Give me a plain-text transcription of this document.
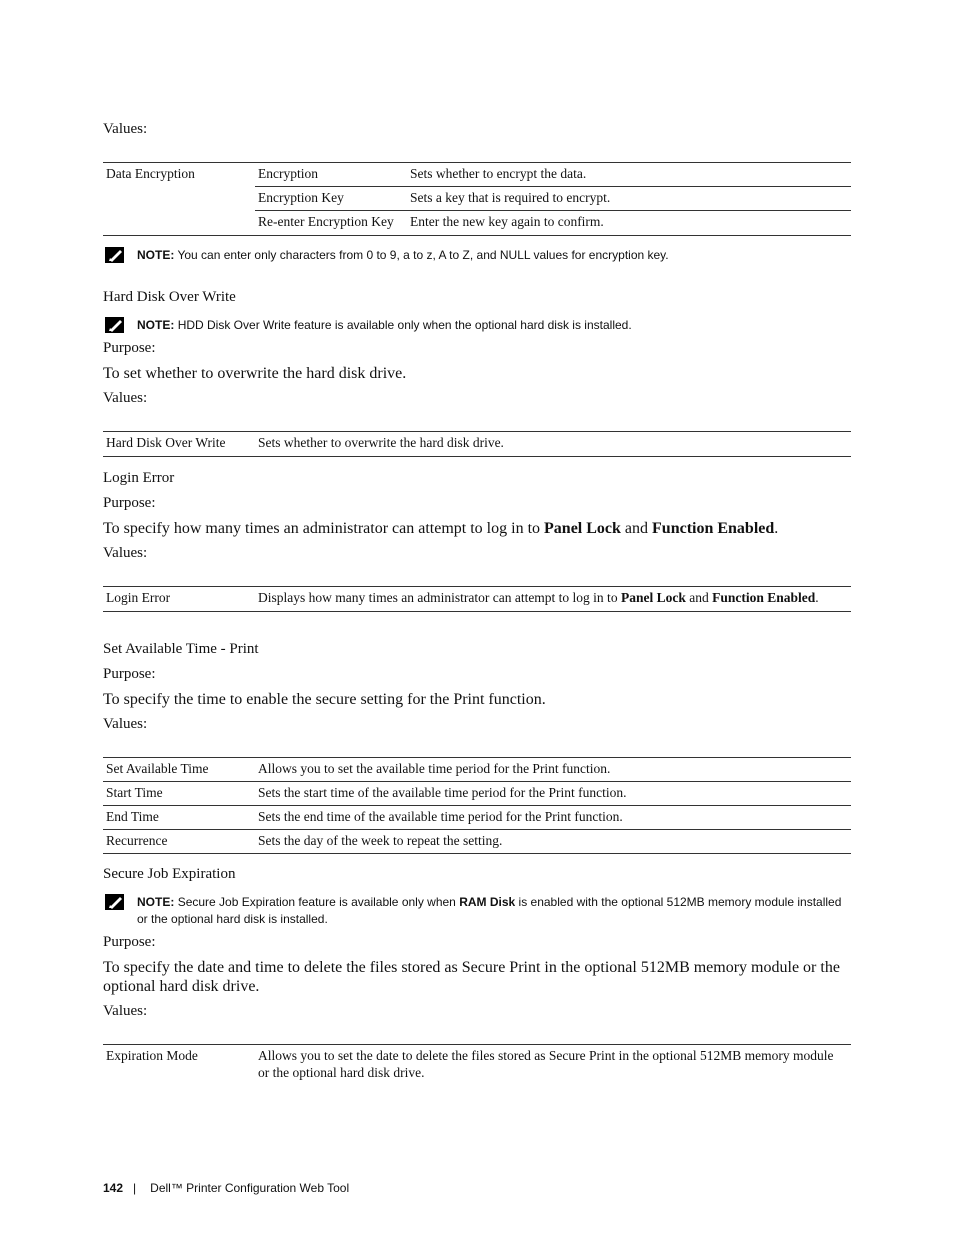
Values:
Data Encryption	Encryption	Sets whether to encrypt the data.
	Encryption Key	Sets a key that is required to encrypt.
	Re-enter Encryption Key	Enter the new key again to confirm.
NOTE: You can enter only characters from 0 to 9, a to z, A to Z, and NULL values for encryption key.
Hard Disk Over Write
NOTE: HDD Disk Over Write feature is available only when the optional hard disk is installed.
Purpose:
To set whether to overwrite the hard disk drive.
Values:
Hard Disk Over Write	Sets whether to overwrite the hard disk drive.
Login Error
Purpose:
To specify how many times an administrator can attempt to log in to Panel Lock and Function Enabled.
Values:
Login Error	Displays how many times an administrator can attempt to log in to Panel Lock and Function Enabled.
Set Available Time - Print
Purpose:
To specify the time to enable the secure setting for the Print function.
Values:
Set Available Time	Allows you to set the available time period for the Print function.
Start Time	Sets the start time of the available time period for the Print function.
End Time	Sets the end time of the available time period for the Print function.
Recurrence	Sets the day of the week to repeat the setting.
Secure Job Expiration
NOTE: Secure Job Expiration feature is available only when RAM Disk is enabled with the optional 512MB memory module installed or the optional hard disk is installed.
Purpose:
To specify the date and time to delete the files stored as Secure Print in the optional 512MB memory module or the optional hard disk drive.
Values:
Expiration Mode	Allows you to set the date to delete the files stored as Secure Print in the optional 512MB memory module or the optional hard disk drive.
142 | Dell™ Printer Configuration Web Tool
